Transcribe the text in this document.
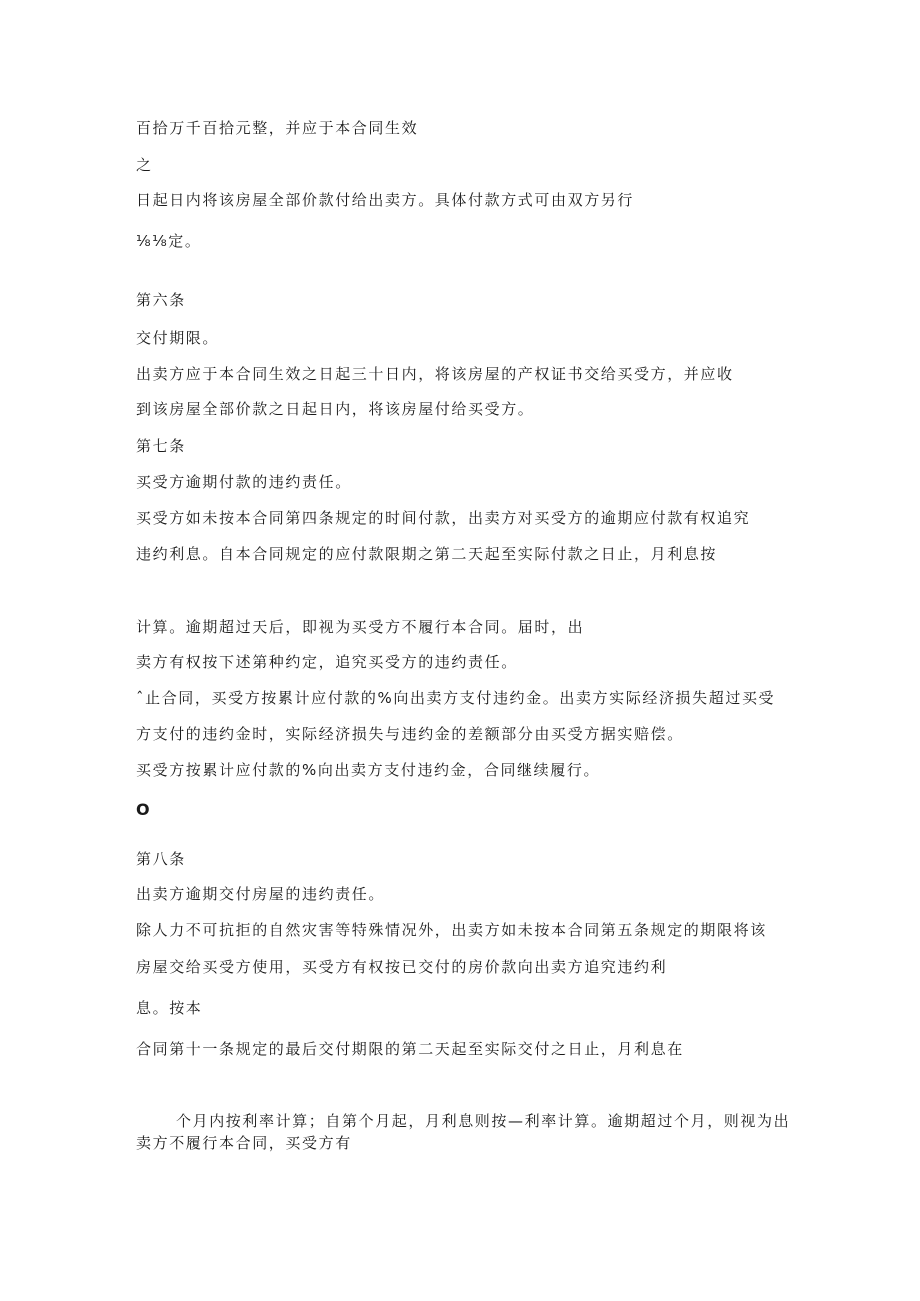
百拾万千百拾元整，并应于本合同生效
之
日起日内将该房屋全部价款付给出卖方。具体付款方式可由双方另行
⅛⅛定。
第六条
交付期限。
出卖方应于本合同生效之日起三十日内，将该房屋的产权证书交给买受方，并应收
到该房屋全部价款之日起日内，将该房屋付给买受方。
第七条
买受方逾期付款的违约责任。
买受方如未按本合同第四条规定的时间付款，出卖方对买受方的逾期应付款有权追究
违约利息。自本合同规定的应付款限期之第二天起至实际付款之日止，月利息按
计算。逾期超过天后，即视为买受方不履行本合同。届时，出
卖方有权按下述第种约定，追究买受方的违约责任。
ˆ止合同，买受方按累计应付款的%向出卖方支付违约金。出卖方实际经济损失超过买受
方支付的违约金时，实际经济损失与违约金的差额部分由买受方据实赔偿。
买受方按累计应付款的%向出卖方支付违约金，合同继续履行。
O
第八条
出卖方逾期交付房屋的违约责任。
除人力不可抗拒的自然灾害等特殊情况外，出卖方如未按本合同第五条规定的期限将该
房屋交给买受方使用，买受方有权按已交付的房价款向出卖方追究违约利
息。按本
合同第十一条规定的最后交付期限的第二天起至实际交付之日止，月利息在
个月内按利率计算；自第个月起，月利息则按—利率计算。逾期超过个月，则视为出卖方不履行本合同，买受方有
